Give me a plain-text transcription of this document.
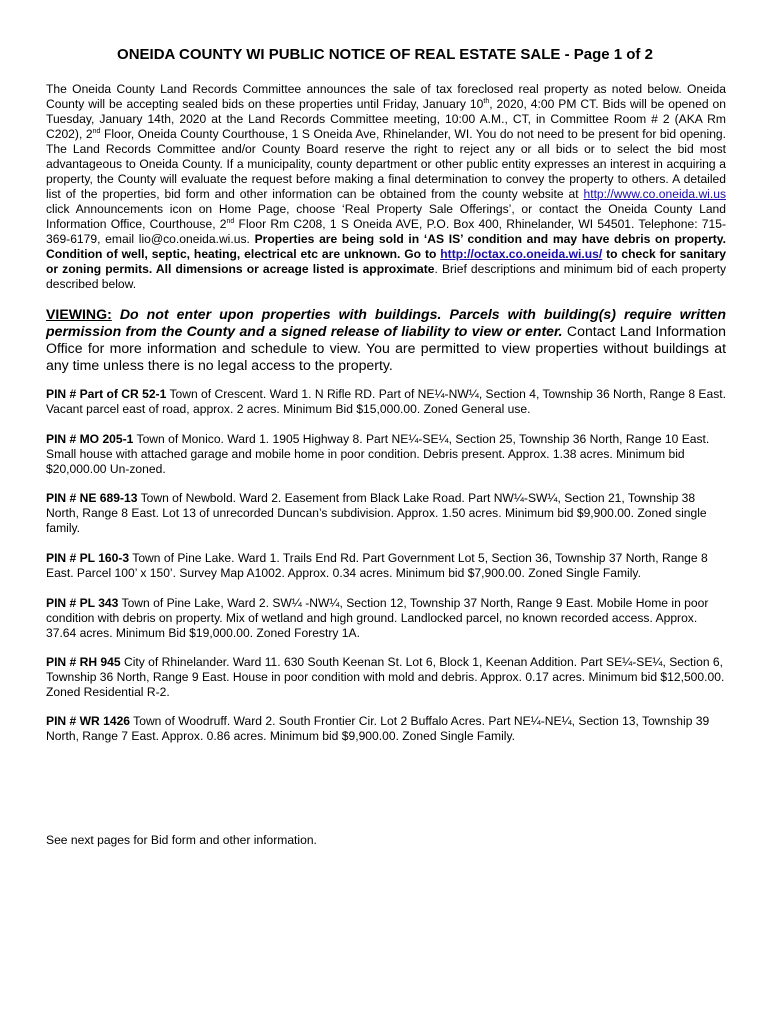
ONEIDA COUNTY WI PUBLIC NOTICE OF REAL ESTATE SALE - Page 1 of 2

The Oneida County Land Records Committee announces the sale of tax foreclosed real property as noted below. Oneida County will be accepting sealed bids on these properties until Friday, January 10th, 2020, 4:00 PM CT. Bids will be opened on Tuesday, January 14th, 2020 at the Land Records Committee meeting, 10:00 A.M., CT, in Committee Room # 2 (AKA Rm C202), 2nd Floor, Oneida County Courthouse, 1 S Oneida Ave, Rhinelander, WI. You do not need to be present for bid opening. The Land Records Committee and/or County Board reserve the right to reject any or all bids or to select the bid most advantageous to Oneida County. If a municipality, county department or other public entity expresses an interest in acquiring a property, the County will evaluate the request before making a final determination to convey the property to others. A detailed list of the properties, bid form and other information can be obtained from the county website at http://www.co.oneida.wi.us click Announcements icon on Home Page, choose ‘Real Property Sale Offerings’, or contact the Oneida County Land Information Office, Courthouse, 2nd Floor Rm C208, 1 S Oneida AVE, P.O. Box 400, Rhinelander, WI 54501. Telephone: 715-369-6179, email lio@co.oneida.wi.us. Properties are being sold in ‘AS IS’ condition and may have debris on property. Condition of well, septic, heating, electrical etc are unknown. Go to http://octax.co.oneida.wi.us/ to check for sanitary or zoning permits. All dimensions or acreage listed is approximate. Brief descriptions and minimum bid of each property described below.

VIEWING: Do not enter upon properties with buildings. Parcels with building(s) require written permission from the County and a signed release of liability to view or enter. Contact Land Information Office for more information and schedule to view. You are permitted to view properties without buildings at any time unless there is no legal access to the property.

PIN # Part of CR 52-1 Town of Crescent. Ward 1. N Rifle RD. Part of NE¼-NW¼, Section 4, Township 36 North, Range 8 East. Vacant parcel east of road, approx. 2 acres. Minimum Bid $15,000.00. Zoned General use.

PIN # MO 205-1 Town of Monico. Ward 1. 1905 Highway 8. Part NE¼-SE¼, Section 25, Township 36 North, Range 10 East. Small house with attached garage and mobile home in poor condition. Debris present. Approx. 1.38 acres. Minimum bid $20,000.00 Un-zoned.

PIN # NE 689-13 Town of Newbold. Ward 2. Easement from Black Lake Road. Part NW¼-SW¼, Section 21, Township 38 North, Range 8 East. Lot 13 of unrecorded Duncan’s subdivision. Approx. 1.50 acres. Minimum bid $9,900.00. Zoned single family.

PIN # PL 160-3 Town of Pine Lake. Ward 1. Trails End Rd. Part Government Lot 5, Section 36, Township 37 North, Range 8 East. Parcel 100’ x 150’. Survey Map A1002. Approx. 0.34 acres. Minimum bid $7,900.00. Zoned Single Family.

PIN # PL 343 Town of Pine Lake, Ward 2. SW¼ -NW¼, Section 12, Township 37 North, Range 9 East. Mobile Home in poor condition with debris on property. Mix of wetland and high ground. Landlocked parcel, no known recorded access. Approx. 37.64 acres. Minimum Bid $19,000.00. Zoned Forestry 1A.

PIN # RH 945 City of Rhinelander. Ward 11. 630 South Keenan St. Lot 6, Block 1, Keenan Addition. Part SE¼-SE¼, Section 6, Township 36 North, Range 9 East. House in poor condition with mold and debris. Approx. 0.17 acres. Minimum bid $12,500.00. Zoned Residential R-2.

PIN # WR 1426 Town of Woodruff. Ward 2. South Frontier Cir. Lot 2 Buffalo Acres. Part NE¼-NE¼, Section 13, Township 39 North, Range 7 East. Approx. 0.86 acres. Minimum bid $9,900.00. Zoned Single Family.

See next pages for Bid form and other information.
